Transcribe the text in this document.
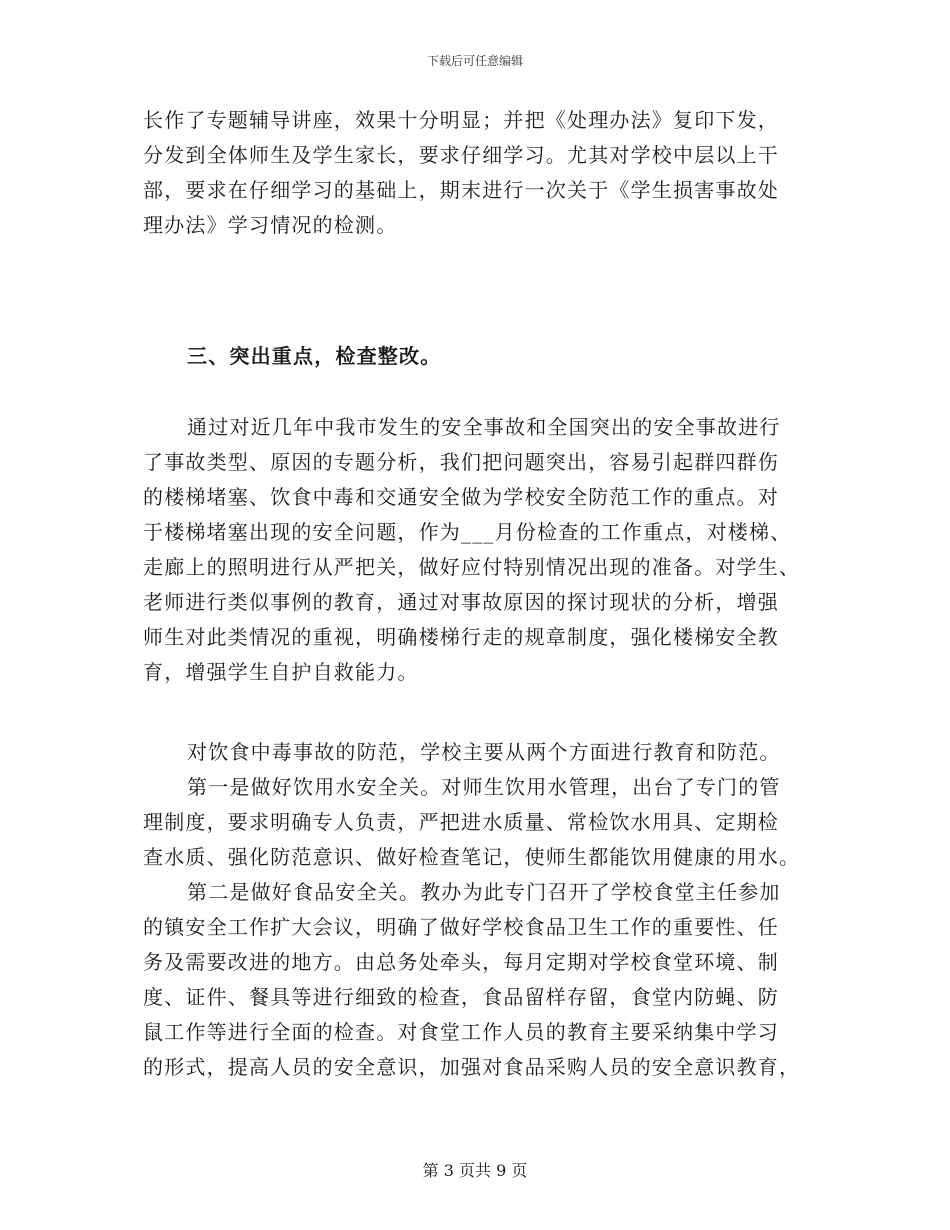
下载后可任意编辑
长作了专题辅导讲座，效果十分明显；并把《处理办法》复印下发，
分发到全体师生及学生家长，要求仔细学习。尤其对学校中层以上干
部，要求在仔细学习的基础上，期末进行一次关于《学生损害事故处
理办法》学习情况的检测。
三、突出重点，检查整改。
通过对近几年中我市发生的安全事故和全国突出的安全事故进行
了事故类型、原因的专题分析，我们把问题突出，容易引起群四群伤
的楼梯堵塞、饮食中毒和交通安全做为学校安全防范工作的重点。对
于楼梯堵塞出现的安全问题，作为___月份检查的工作重点，对楼梯、
走廊上的照明进行从严把关，做好应付特别情况出现的准备。对学生、
老师进行类似事例的教育，通过对事故原因的探讨现状的分析，增强
师生对此类情况的重视，明确楼梯行走的规章制度，强化楼梯安全教
育，增强学生自护自救能力。
对饮食中毒事故的防范，学校主要从两个方面进行教育和防范。
第一是做好饮用水安全关。对师生饮用水管理，出台了专门的管
理制度，要求明确专人负责，严把进水质量、常检饮水用具、定期检
查水质、强化防范意识、做好检查笔记，使师生都能饮用健康的用水。
第二是做好食品安全关。教办为此专门召开了学校食堂主任参加
的镇安全工作扩大会议，明确了做好学校食品卫生工作的重要性、任
务及需要改进的地方。由总务处牵头，每月定期对学校食堂环境、制
度、证件、餐具等进行细致的检查，食品留样存留，食堂内防蝇、防
鼠工作等进行全面的检查。对食堂工作人员的教育主要采纳集中学习
的形式，提高人员的安全意识，加强对食品采购人员的安全意识教育，
第 3 页共 9 页
